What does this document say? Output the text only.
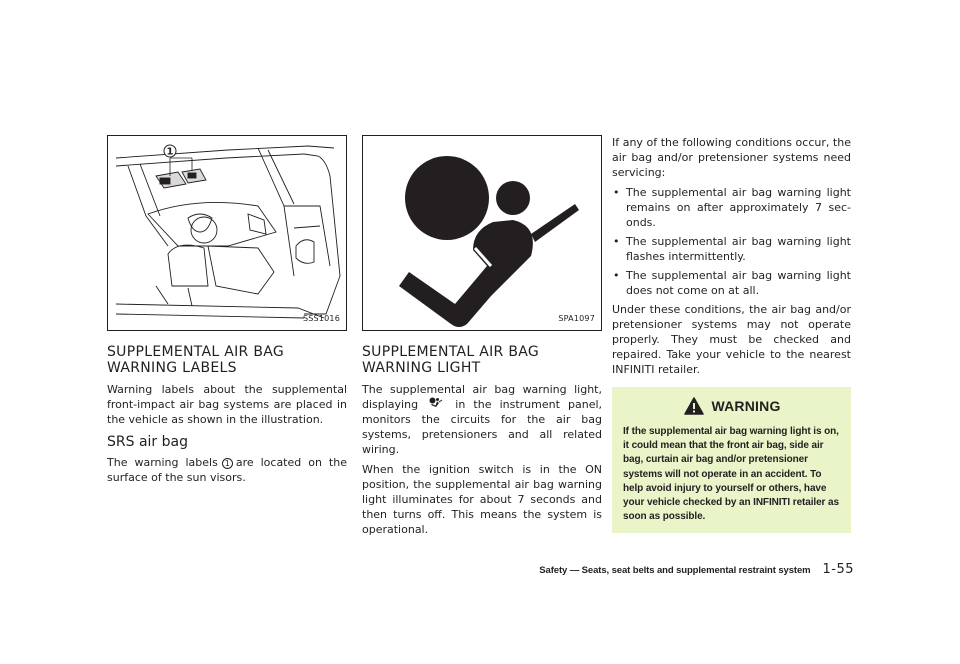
1
SSS1016
SUPPLEMENTAL AIR BAG WARNING LABELS

Warning labels about the supplemental front-impact air bag systems are placed in the vehicle as shown in the illustration.

SRS air bag

The warning labels 1 are located on the surface of the sun visors.

SPA1097
SUPPLEMENTAL AIR BAG WARNING LIGHT

The supplemental air bag warning light, displaying	in the instrument panel, monitors the circuits for the air bag systems, pretensioners and all related wiring.

When the ignition switch is in the ON position, the supplemental air bag warning light illuminates for about 7 seconds and then turns off. This means the system is operational.

If any of the following conditions occur, the air bag and/or pretensioner systems need servicing:

• The supplemental air bag warning light remains on after approximately 7 sec-onds.
• The supplemental air bag warning light flashes intermittently.
• The supplemental air bag warning light does not come on at all.

Under these conditions, the air bag and/or pretensioner systems may not operate properly. They must be checked and repaired. Take your vehicle to the nearest INFINITI retailer.

WARNING
If the supplemental air bag warning light is on, it could mean that the front air bag, side air bag, curtain air bag and/or pretensioner systems will not operate in an accident. To help avoid injury to yourself or others, have your vehicle checked by an INFINITI retailer as soon as possible.
Safety — Seats, seat belts and supplemental restraint system 1-55
